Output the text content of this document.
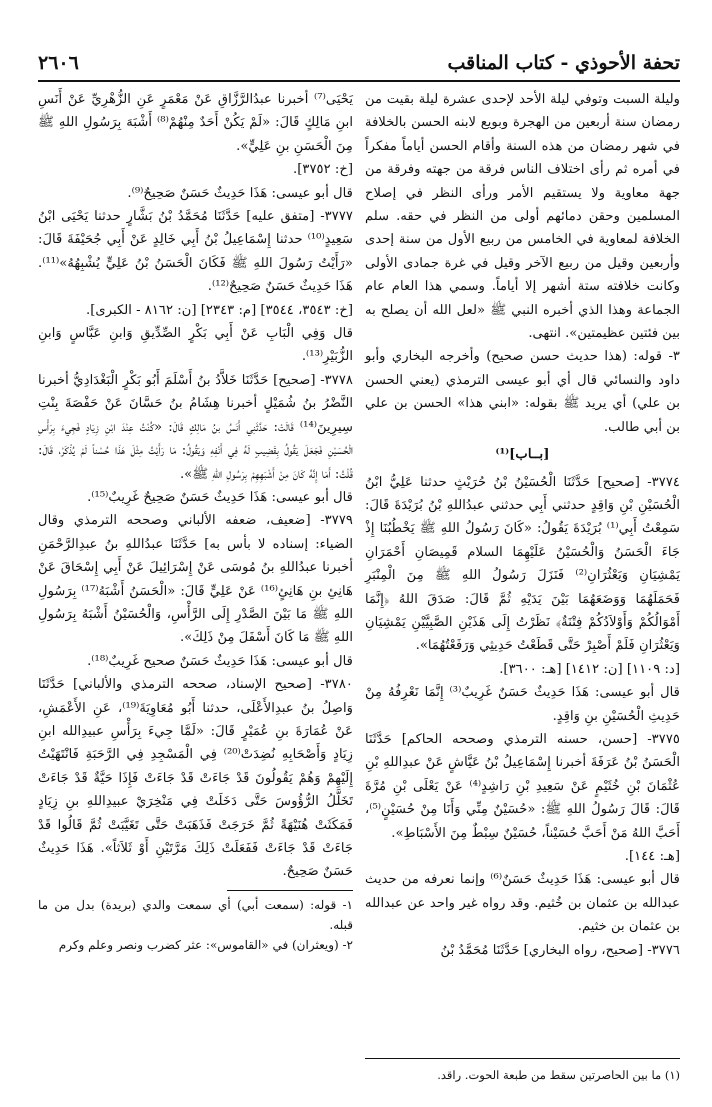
تحفة الأحوذي - كتاب المناقب
٢٦٠٦

وليلة السبت وتوفي ليلة الأحد لإحدى عشرة ليلة بقيت من رمضان سنة أربعين من الهجرة وبويع لابنه الحسن بالخلافة في شهر رمضان من هذه السنة وأقام الحسن أياماً مفكراً في أمره ثم رأى اختلاف الناس فرقة من جهته وفرقة من جهة معاوية ولا يستقيم الأمر ورأى النظر في إصلاح المسلمين وحقن دمائهم أولى من النظر في حقه. سلم الخلافة لمعاوية في الخامس من ربيع الأول من سنة إحدى وأربعين وقيل من ربيع الآخر وقيل في غرة جمادى الأولى وكانت خلافته ستة أشهر إلا أياماً. وسمي هذا العام عام الجماعة وهذا الذي أخبره النبي ﷺ «لعل الله أن يصلح به بين فئتين عظيمتين». انتهى.

٣- قوله: (هذا حديث حسن صحيح) وأخرجه البخاري وأبو داود والنسائي قال أي أبو عيسى الترمذي (يعني الحسن بن علي) أي يريد ﷺ بقوله: «ابني هذا» الحسن بن علي بن أبي طالب.

[بــاب]⁽¹⁾

٣٧٧٤- [صحيح] حَدَّثَنَا الْحُسَيْنُ بْنُ حُرَيْثٍ حدثنا عَلِيُّ ابْنُ الْحُسَيْنِ بْنِ وَاقِدٍ حدثني أَبِي حدثني عبدُاللهِ بْنُ بُرَيْدَةَ قَالَ: سَمِعْتُ أَبِي⁽¹⁾ بُرَيْدَةَ يَقُولُ: «كَانَ رَسُولُ اللهِ ﷺ يَخْطُبُنَا إِذْ جَاءَ الْحَسَنُ وَالْحُسَيْنُ عَلَيْهِمَا السلام قَمِيصَانِ أَحْمَرَانِ يَمْشِيَانِ وَيَعْثُرَانِ⁽²⁾ فَنَزَلَ رَسُولُ اللهِ ﷺ مِنَ الْمِنْبَرِ فَحَمَلَهُمَا وَوَضَعَهُمَا بَيْنَ يَدَيْهِ ثُمَّ قَالَ: صَدَقَ اللهُ ﴿إِنَّمَا أَمْوَالُكُمْ وَأَوْلاَدُكُمْ فِتْنَةٌ﴾ نَظَرْتُ إِلَى هَذَيْنِ الصَّبِيَّيْنِ يَمْشِيَانِ وَيَعْثُرَانِ فَلَمْ أَصْبِرْ حَتَّى قَطَعْتُ حَدِيثِي وَرَفَعْتُهُمَا».

[د: ١١٠٩] [ن: ١٤١٢] [هـ: ٣٦٠٠].

قال أبو عيسى: هَذَا حَدِيثٌ حَسَنٌ غَرِيبٌ⁽³⁾ إِنَّمَا نَعْرِفُهُ مِنْ حَدِيثِ الْحُسَيْنِ بنِ وَاقِدٍ.

٣٧٧٥- [حسن، حسنه الترمذي وصححه الحاكم] حَدَّثَنَا الْحَسَنُ بْنُ عَرَفَةَ أخبرنا إِسْمَاعِيلُ بْنُ عَيَّاشٍ عَنْ عبدِاللهِ بْنِ عُثْمَانَ بْنِ خُثَيْمٍ عَنْ سَعِيدِ بْنِ رَاشِدٍ⁽⁴⁾ عَنْ يَعْلَى بْنِ مُرَّةَ قَالَ: قَالَ رَسُولُ اللهِ ﷺ: «حُسَيْنٌ مِنِّي وَأَنَا مِنْ حُسَيْنٍ⁽⁵⁾، أَحَبَّ اللهُ مَنْ أَحَبَّ حُسَيْناً، حُسَيْنٌ سِبْطٌ مِنَ الأَسْبَاطِ».

[هـ: ١٤٤].

قال أبو عيسى: هَذَا حَدِيثٌ حَسَنٌ⁽⁶⁾ وإنما نعرفه من حديث عبدالله بن عثمان بن خُثيم. وقد رواه غير واحد عن عبدالله بن عثمان بن خثيم.

٣٧٧٦- [صحيح، رواه البخاري] حَدَّثَنَا مُحَمَّدُ بْنُ

يَحْيَى⁽⁷⁾ أخبرنا عبدُالرَّزَّاقِ عَنْ مَعْمَرٍ عَنِ الزُّهْرِيِّ عَنْ أَنَسِ ابنِ مَالِكٍ قَالَ: «لَمْ يَكُنْ أَحَدٌ مِنْهُمْ⁽⁸⁾ أَشْبَهَ بِرَسُولِ اللهِ ﷺ مِنَ الْحَسَنِ بنِ عَلِيٍّ».

[خ: ٣٧٥٢].

قال أبو عيسى: هَذَا حَدِيثٌ حَسَنٌ صَحِيحٌ⁽⁹⁾.

٣٧٧٧- [متفق عليه] حَدَّثَنَا مُحَمَّدُ بْنُ بَشَّارٍ حدثنا يَحْيَى ابْنُ سَعِيدٍ⁽¹⁰⁾ حدثنا إِسْمَاعِيلُ بْنُ أَبِي خَالِدٍ عَنْ أَبِي جُحَيْفَةَ قَالَ: «رَأَيْتُ رَسُولَ اللهِ ﷺ فَكَانَ الْحَسَنُ بْنُ عَلِيٍّ يُشْبِهُهُ»⁽¹¹⁾. هَذَا حَدِيثٌ حَسَنٌ صَحِيحٌ⁽¹²⁾.

[خ: ٣٥٤٣، ٣٥٤٤] [م: ٢٣٤٣] [ن: ٨١٦٢ - الكبرى].

قال وَفِي الْبَابِ عَنْ أَبِي بَكْرٍ الصِّدِّيقِ وَابنِ عَبَّاسٍ وَابنِ الزُّبَيْرِ⁽¹³⁾.

٣٧٧٨- [صحيح] حَدَّثَنَا خَلاَّدُ بنُ أَسْلَمَ أَبُو بَكْرٍ الْبَغْدَادِيُّ أخبرنا النَّضْرُ بنُ شُمَيْلٍ أخبرنا هِشَامُ بنُ حَسَّانَ عَنْ حَفْصَةَ بِنْتِ سِيرِينَ⁽¹⁴⁾ قَالَتْ: حَدَّثَنِي أَنَسُ بنُ مَالِكٍ قَالَ: «كُنْتُ عِنْدَ ابْنِ زِيَادٍ فَجِيءَ بِرَأْسِ الْحُسَيْنِ فَجَعَلَ يَقُولُ بِقَضِيبٍ لَهُ فِي أَنْفِهِ وَيَقُولُ: مَا رَأَيْتُ مِثْلَ هَذَا حُسْناً لَمْ يُذْكَرْ، قَالَ: قُلْتُ: أَمَا إِنَّهُ كَانَ مِنْ أَشْبَهِهِمْ بِرَسُولِ اللهِ ﷺ».

قال أبو عيسى: هَذَا حَدِيثٌ حَسَنٌ صَحِيحٌ غَرِيبٌ⁽¹⁵⁾.

٣٧٧٩- [ضعيف، ضعفه الألباني وصححه الترمذي وقال الضياء: إسناده لا بأس به] حَدَّثَنَا عبدُاللهِ بنُ عبدِالرَّحْمَنِ أخبرنا عبدُاللهِ بنُ مُوسَى عَنْ إِسْرَائِيلَ عَنْ أَبِي إِسْحَاقَ عَنْ هَانِئِ بنِ هَانِئٍ⁽¹⁶⁾ عَنْ عَلِيٍّ قَالَ: «الْحَسَنُ أَشْبَهُ⁽¹⁷⁾ بِرَسُولِ اللهِ ﷺ مَا بَيْنَ الصَّدْرِ إِلَى الرَّأْسِ، وَالْحُسَيْنُ أَشْبَهُ بِرَسُولِ اللهِ ﷺ مَا كَانَ أَسْفَلَ مِنْ ذَلِكَ».

قال أبو عيسى: هَذَا حَدِيثٌ حَسَنٌ صحيح غَرِيبٌ⁽¹⁸⁾.

٣٧٨٠- [صحيح الإسناد، صححه الترمذي والألباني] حَدَّثَنَا وَاصِلُ بنُ عبدِالأَعْلَى، حدثنا أَبُو مُعَاوِيَةَ⁽¹⁹⁾، عَنِ الأَعْمَشِ، عَنْ عُمَارَةَ بنِ عُمَيْرٍ قَالَ: «لَمَّا جِيءَ بِرَأْسِ عبيدِالله ابنِ زِيَادٍ وَأَصْحَابِهِ نُضِدَتْ⁽²⁰⁾ فِي الْمَسْجِدِ فِي الرَّحَبَةِ فَانْتَهَيْتُ إِلَيْهِمْ وَهُمْ يَقُولُونَ قَدْ جَاءَتْ قَدْ جَاءَتْ فَإِذَا حَيَّةٌ قَدْ جَاءَتْ تَخَلَّلُ الرُّؤُوسَ حَتَّى دَخَلَتْ فِي مَنْخِرَيْ عبيدِاللهِ بنِ زِيَادٍ فَمَكَثَتْ هُنَيْهَةً ثُمَّ خَرَجَتْ فَذَهَبَتْ حَتَّى تَغَيَّبَتْ ثُمَّ قَالُوا قَدْ جَاءَتْ قَدْ جَاءَتْ فَفَعَلَتْ ذَلِكَ مَرَّتَيْنِ أَوْ ثَلاَثاً». هَذَا حَدِيثٌ حَسَنٌ صَحِيحٌ.

١- قوله: (سمعت أبي) أي سمعت والدي (بريدة) بدل من ما قبله.

٢- (ويعثران) في «القاموس»: عثر كضرب ونصر وعلم وكرم

(١) ما بين الحاصرتين سقط من طبعة الحوت. راقد.
